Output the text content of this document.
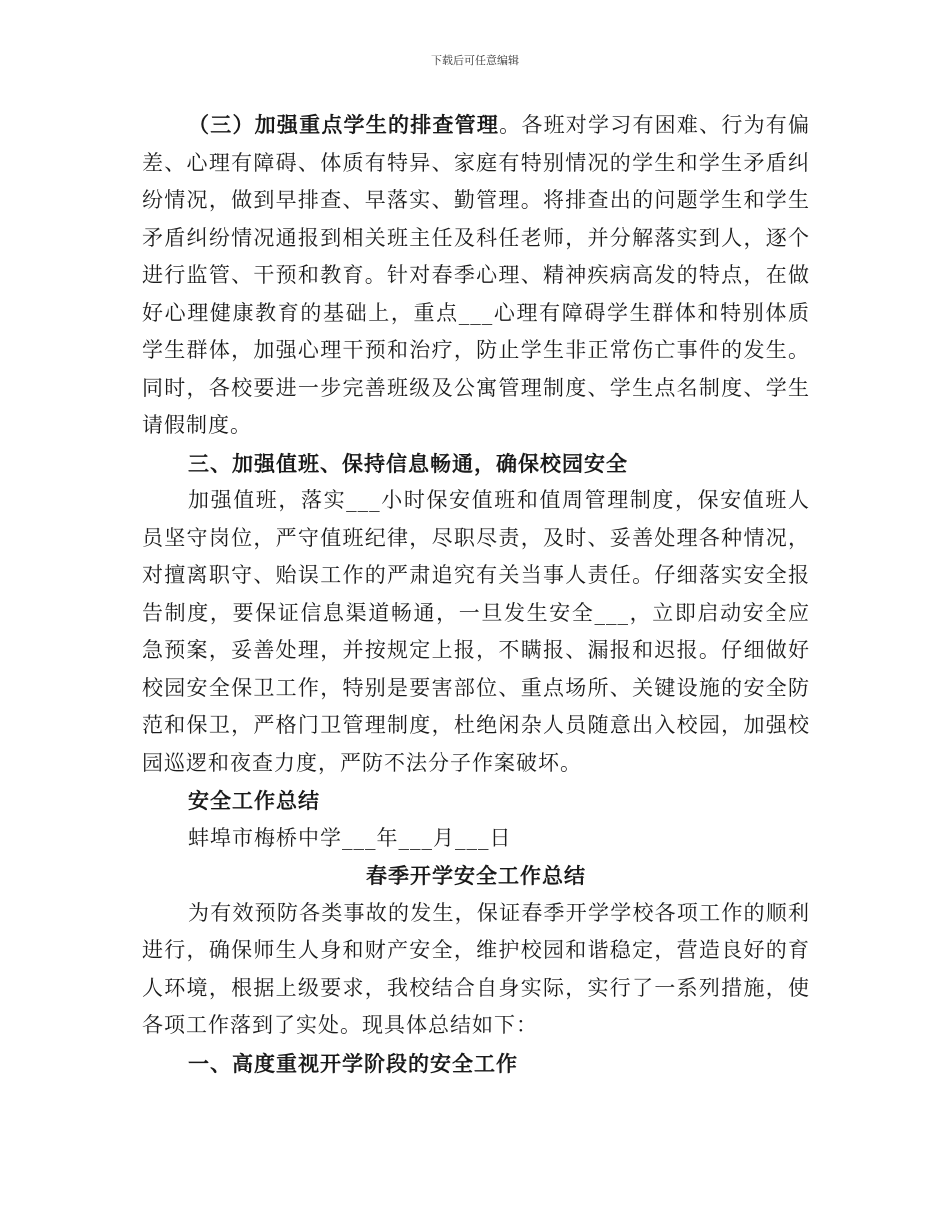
下载后可任意编辑

（三）加强重点学生的排查管理。各班对学习有困难、行为有偏差、心理有障碍、体质有特异、家庭有特别情况的学生和学生矛盾纠纷情况，做到早排查、早落实、勤管理。将排查出的问题学生和学生矛盾纠纷情况通报到相关班主任及科任老师，并分解落实到人，逐个进行监管、干预和教育。针对春季心理、精神疾病高发的特点，在做好心理健康教育的基础上，重点___心理有障碍学生群体和特别体质学生群体，加强心理干预和治疗，防止学生非正常伤亡事件的发生。同时，各校要进一步完善班级及公寓管理制度、学生点名制度、学生请假制度。

三、加强值班、保持信息畅通，确保校园安全

加强值班，落实___小时保安值班和值周管理制度，保安值班人员坚守岗位，严守值班纪律，尽职尽责，及时、妥善处理各种情况，对擅离职守、贻误工作的严肃追究有关当事人责任。仔细落实安全报告制度，要保证信息渠道畅通，一旦发生安全___，立即启动安全应急预案，妥善处理，并按规定上报，不瞒报、漏报和迟报。仔细做好校园安全保卫工作，特别是要害部位、重点场所、关键设施的安全防范和保卫，严格门卫管理制度，杜绝闲杂人员随意出入校园，加强校园巡逻和夜查力度，严防不法分子作案破坏。

安全工作总结

蚌埠市梅桥中学___年___月___日

春季开学安全工作总结

为有效预防各类事故的发生，保证春季开学学校各项工作的顺利进行，确保师生人身和财产安全，维护校园和谐稳定，营造良好的育人环境，根据上级要求，我校结合自身实际，实行了一系列措施，使各项工作落到了实处。现具体总结如下：

一、高度重视开学阶段的安全工作
